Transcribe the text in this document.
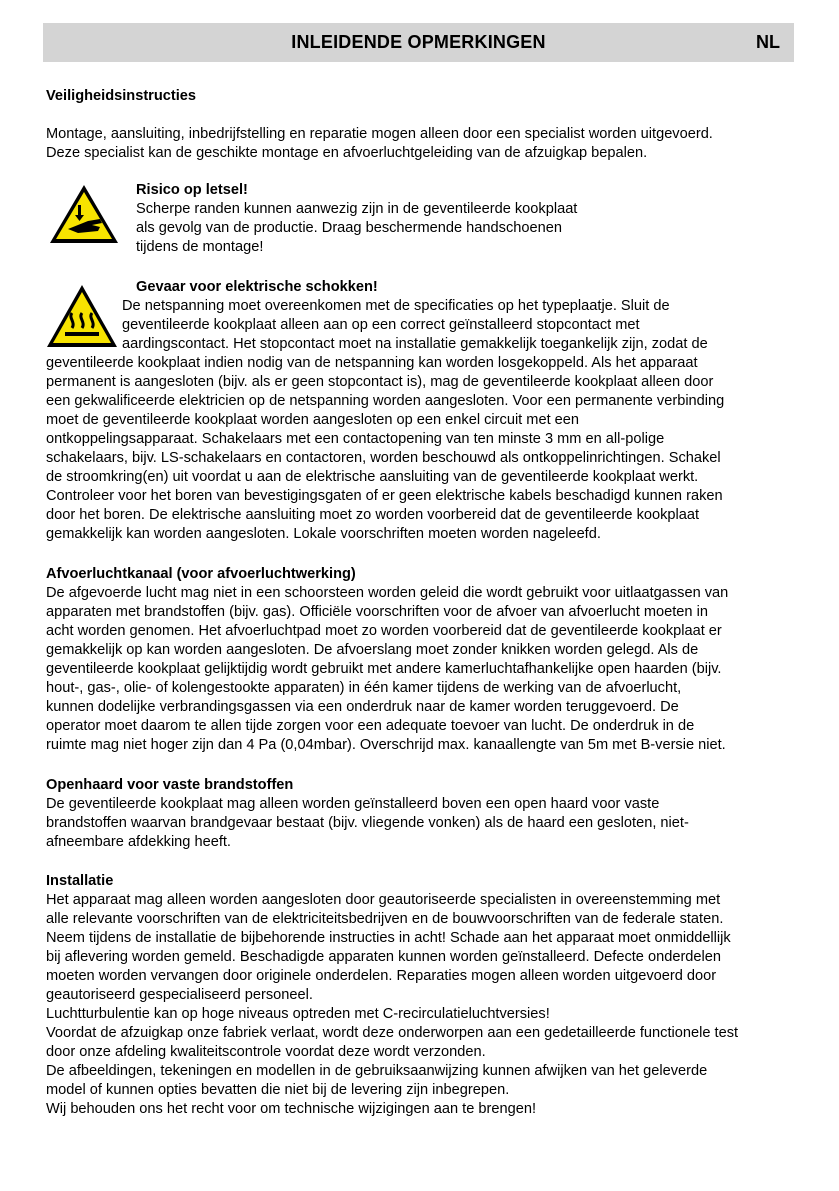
INLEIDENDE OPMERKINGEN	NL

Veiligheidsinstructies

Montage, aansluiting, inbedrijfstelling en reparatie mogen alleen door een specialist worden uitgevoerd.

Deze specialist kan de geschikte montage en afvoerluchtgeleiding van de afzuigkap bepalen.

Risico op letsel!

Scherpe randen kunnen aanwezig zijn in de geventileerde kookplaat

als gevolg van de productie. Draag beschermende handschoenen

tijdens de montage!

Gevaar voor elektrische schokken!

De netspanning moet overeenkomen met de specificaties op het typeplaatje. Sluit de

geventileerde kookplaat alleen aan op een correct geïnstalleerd stopcontact met

aardingscontact. Het stopcontact moet na installatie gemakkelijk toegankelijk zijn, zodat de

geventileerde kookplaat indien nodig van de netspanning kan worden losgekoppeld. Als het apparaat

permanent is aangesloten (bijv. als er geen stopcontact is), mag de geventileerde kookplaat alleen door

een gekwalificeerde elektricien op de netspanning worden aangesloten. Voor een permanente verbinding

moet de geventileerde kookplaat worden aangesloten op een enkel circuit met een

ontkoppelingsapparaat. Schakelaars met een contactopening van ten minste 3 mm en all-polige

schakelaars, bijv. LS-schakelaars en contactoren, worden beschouwd als ontkoppelinrichtingen. Schakel

de stroomkring(en) uit voordat u aan de elektrische aansluiting van de geventileerde kookplaat werkt.

Controleer voor het boren van bevestigingsgaten of er geen elektrische kabels beschadigd kunnen raken

door het boren. De elektrische aansluiting moet zo worden voorbereid dat de geventileerde kookplaat

gemakkelijk kan worden aangesloten. Lokale voorschriften moeten worden nageleefd.

Afvoerluchtkanaal (voor afvoerluchtwerking)

De afgevoerde lucht mag niet in een schoorsteen worden geleid die wordt gebruikt voor uitlaatgassen van

apparaten met brandstoffen (bijv. gas). Officiële voorschriften voor de afvoer van afvoerlucht moeten in

acht worden genomen. Het afvoerluchtpad moet zo worden voorbereid dat de geventileerde kookplaat er

gemakkelijk op kan worden aangesloten. De afvoerslang moet zonder knikken worden gelegd. Als de

geventileerde kookplaat gelijktijdig wordt gebruikt met andere kamerluchtafhankelijke open haarden (bijv.

hout-, gas-, olie- of kolengestookte apparaten) in één kamer tijdens de werking van de afvoerlucht,

kunnen dodelijke verbrandingsgassen via een onderdruk naar de kamer worden teruggevoerd. De

operator moet daarom te allen tijde zorgen voor een adequate toevoer van lucht. De onderdruk in de

ruimte mag niet hoger zijn dan 4 Pa (0,04mbar). Overschrijd max. kanaallengte van 5m met B-versie niet.

Openhaard voor vaste brandstoffen

De geventileerde kookplaat mag alleen worden geïnstalleerd boven een open haard voor vaste

brandstoffen waarvan brandgevaar bestaat (bijv. vliegende vonken) als de haard een gesloten, niet-

afneembare afdekking heeft.

Installatie

Het apparaat mag alleen worden aangesloten door geautoriseerde specialisten in overeenstemming met

alle relevante voorschriften van de elektriciteitsbedrijven en de bouwvoorschriften van de federale staten.

Neem tijdens de installatie de bijbehorende instructies in acht! Schade aan het apparaat moet onmiddellijk

bij aflevering worden gemeld. Beschadigde apparaten kunnen worden geïnstalleerd. Defecte onderdelen

moeten worden vervangen door originele onderdelen. Reparaties mogen alleen worden uitgevoerd door

geautoriseerd gespecialiseerd personeel.

Luchtturbulentie kan op hoge niveaus optreden met C-recirculatieluchtversies!

Voordat de afzuigkap onze fabriek verlaat, wordt deze onderworpen aan een gedetailleerde functionele test

door onze afdeling kwaliteitscontrole voordat deze wordt verzonden.

De afbeeldingen, tekeningen en modellen in de gebruiksaanwijzing kunnen afwijken van het geleverde

model of kunnen opties bevatten die niet bij de levering zijn inbegrepen.

Wij behouden ons het recht voor om technische wijzigingen aan te brengen!
